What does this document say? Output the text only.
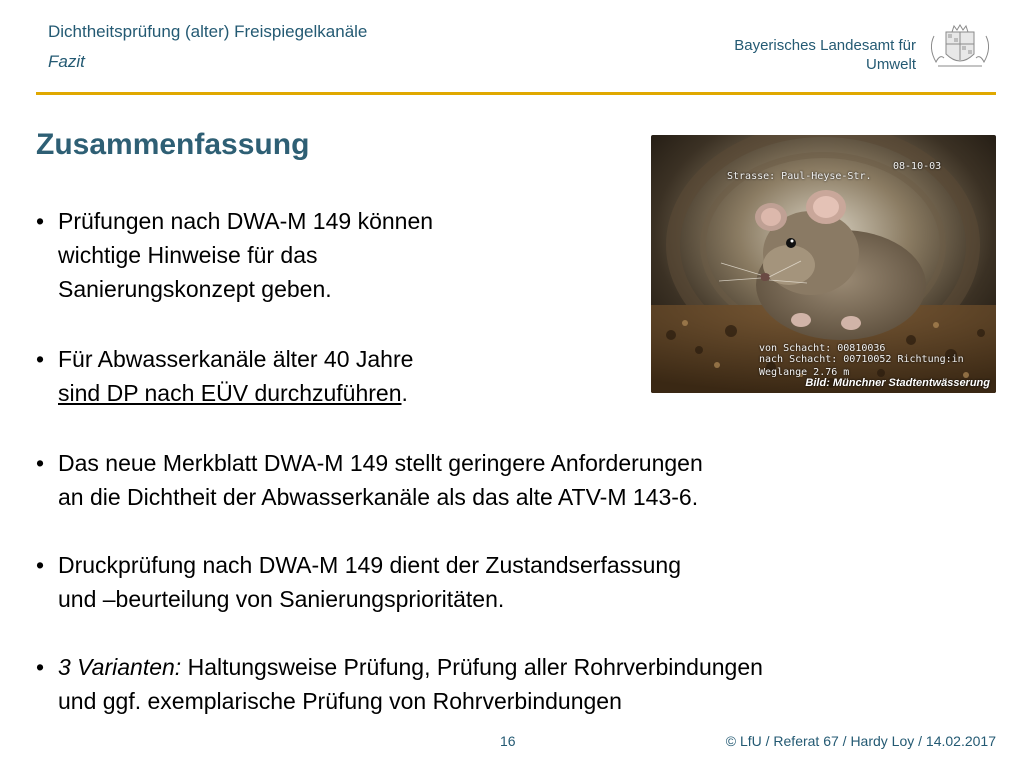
Dichtheitsprüfung (alter) Freispiegelkanäle
Fazit
Bayerisches Landesamt für
Umwelt
Zusammenfassung
• Prüfungen nach DWA-M 149 können
wichtige Hinweise für das
Sanierungskonzept geben.
• Für Abwasserkanäle älter 40 Jahre
sind DP nach EÜV durchzuführen.
• Das neue Merkblatt DWA-M 149 stellt geringere Anforderungen
an die Dichtheit der Abwasserkanäle als das alte ATV-M 143-6.
• Druckprüfung nach DWA-M 149 dient der Zustandserfassung
und –beurteilung von Sanierungsprioritäten.
• 3 Varianten: Haltungsweise Prüfung, Prüfung aller Rohrverbindungen
und ggf. exemplarische Prüfung von Rohrverbindungen
08-10-03
Strasse: Paul-Heyse-Str.
von Schacht: 00810036
nach Schacht: 00710052 Richtung:in
Weglange 2.76 m
Bild: Münchner Stadtentwässerung
16	© LfU / Referat 67 / Hardy Loy / 14.02.2017
